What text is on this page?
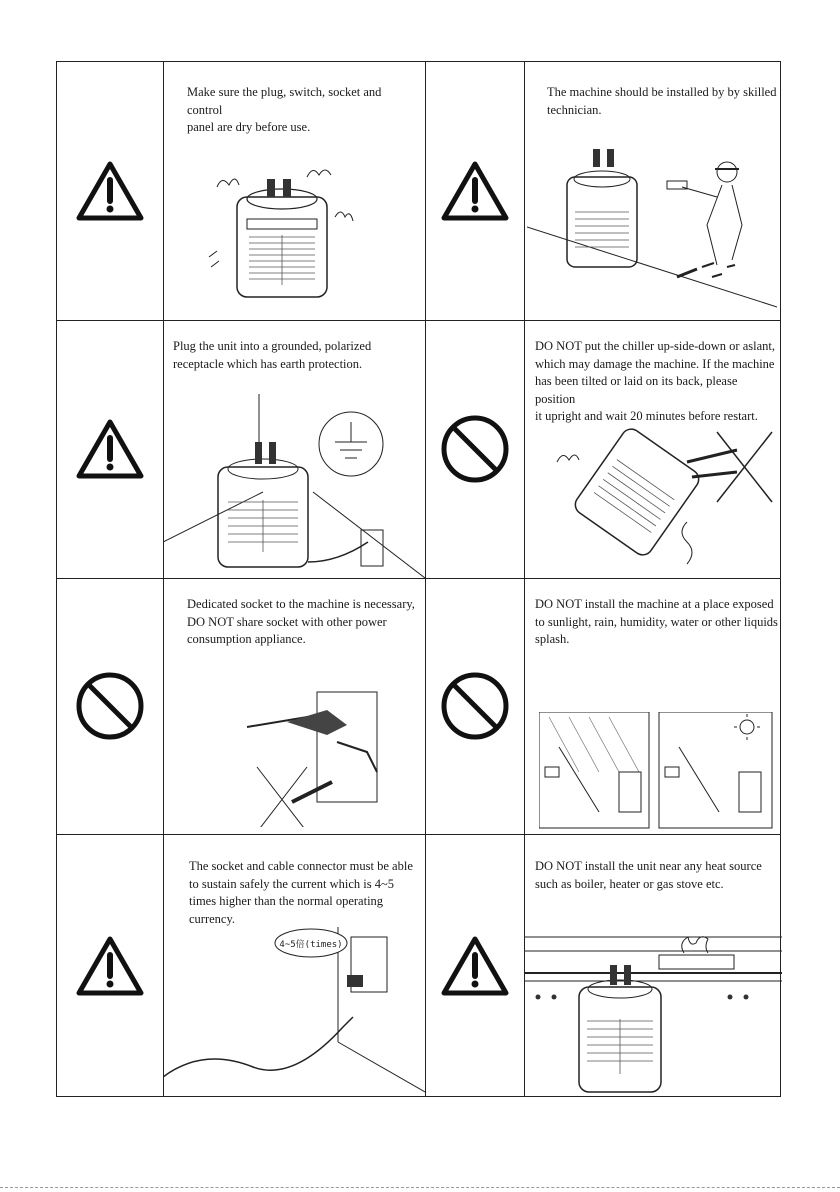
Make sure the plug, switch, socket and control
panel are dry before use.
The machine should be installed by by skilled
technician.
Plug the unit into a grounded, polarized
receptacle which has earth protection.
DO NOT put the chiller up-side-down or aslant,
which may damage the machine. If the machine
has been tilted or laid on its back, please position
it upright and wait 20 minutes before restart.
Dedicated socket to the machine is necessary,
DO NOT share socket with other power
consumption appliance.
DO NOT install the machine at a place exposed
to sunlight, rain, humidity, water or other liquids
splash.
The socket and cable connector must be able
to sustain safely the current which is 4~5
times higher than the normal operating
currency.
4~5倍(times)
DO NOT install the unit near any heat source
such as boiler, heater or gas stove etc.
